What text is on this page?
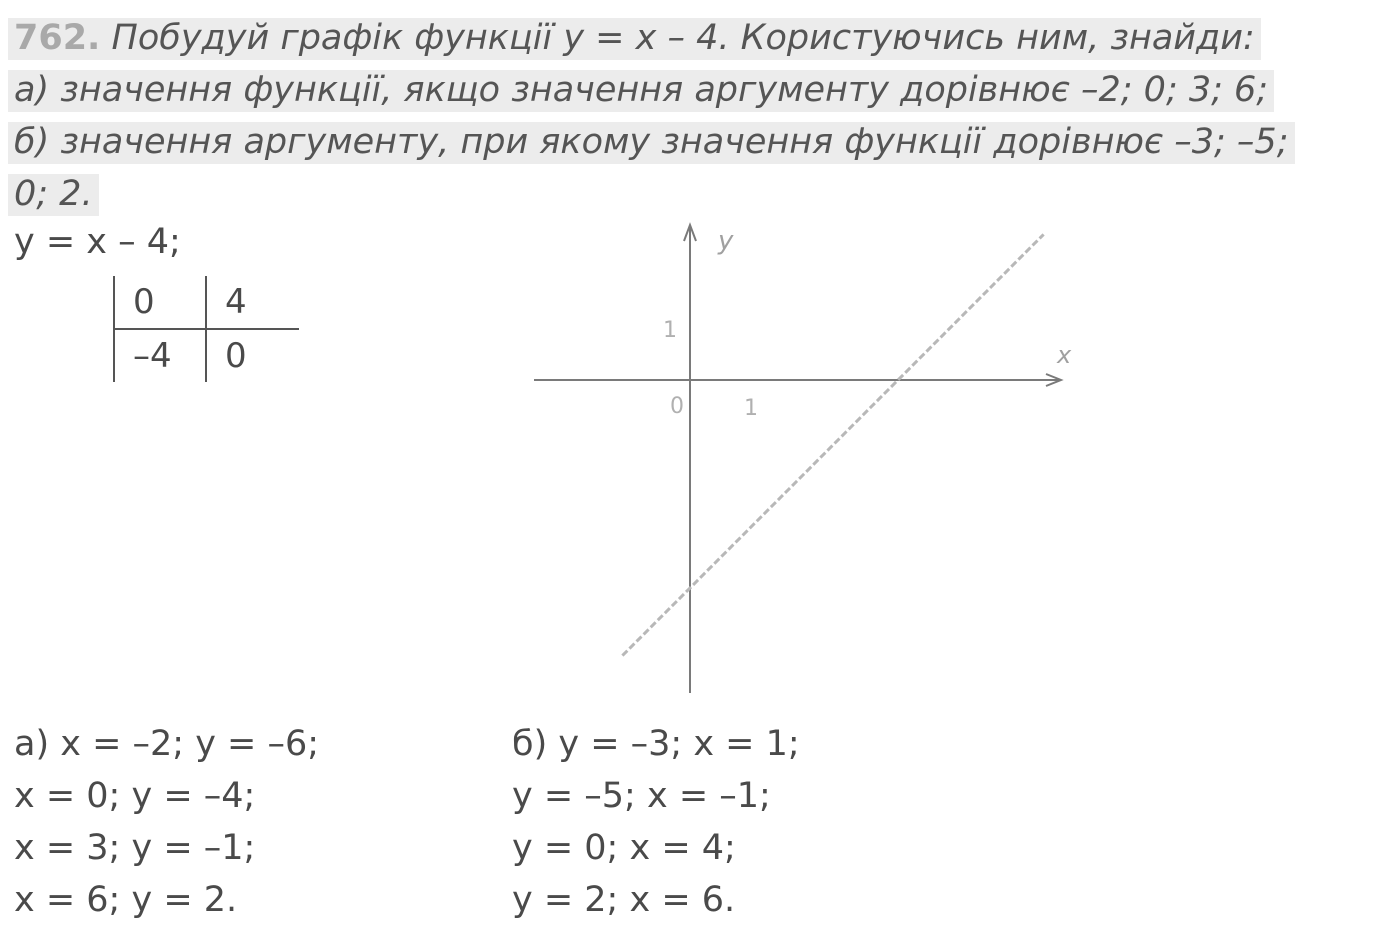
762. Побудуй графік функції y = x – 4. Користуючись ним, знайди:
а) значення функції, якщо значення аргументу дорівнює –2; 0; 3; 6;
б) значення аргументу, при якому значення функції дорівнює –3; –5;
0; 2.
y = x – 4;
0	4
–4	0
y
x
0	1
1
а) x = –2; y = –6;
x = 0; y = –4;
x = 3; y = –1;
x = 6; y = 2.
б) y = –3; x = 1;
y = –5; x = –1;
y = 0; x = 4;
y = 2; x = 6.
